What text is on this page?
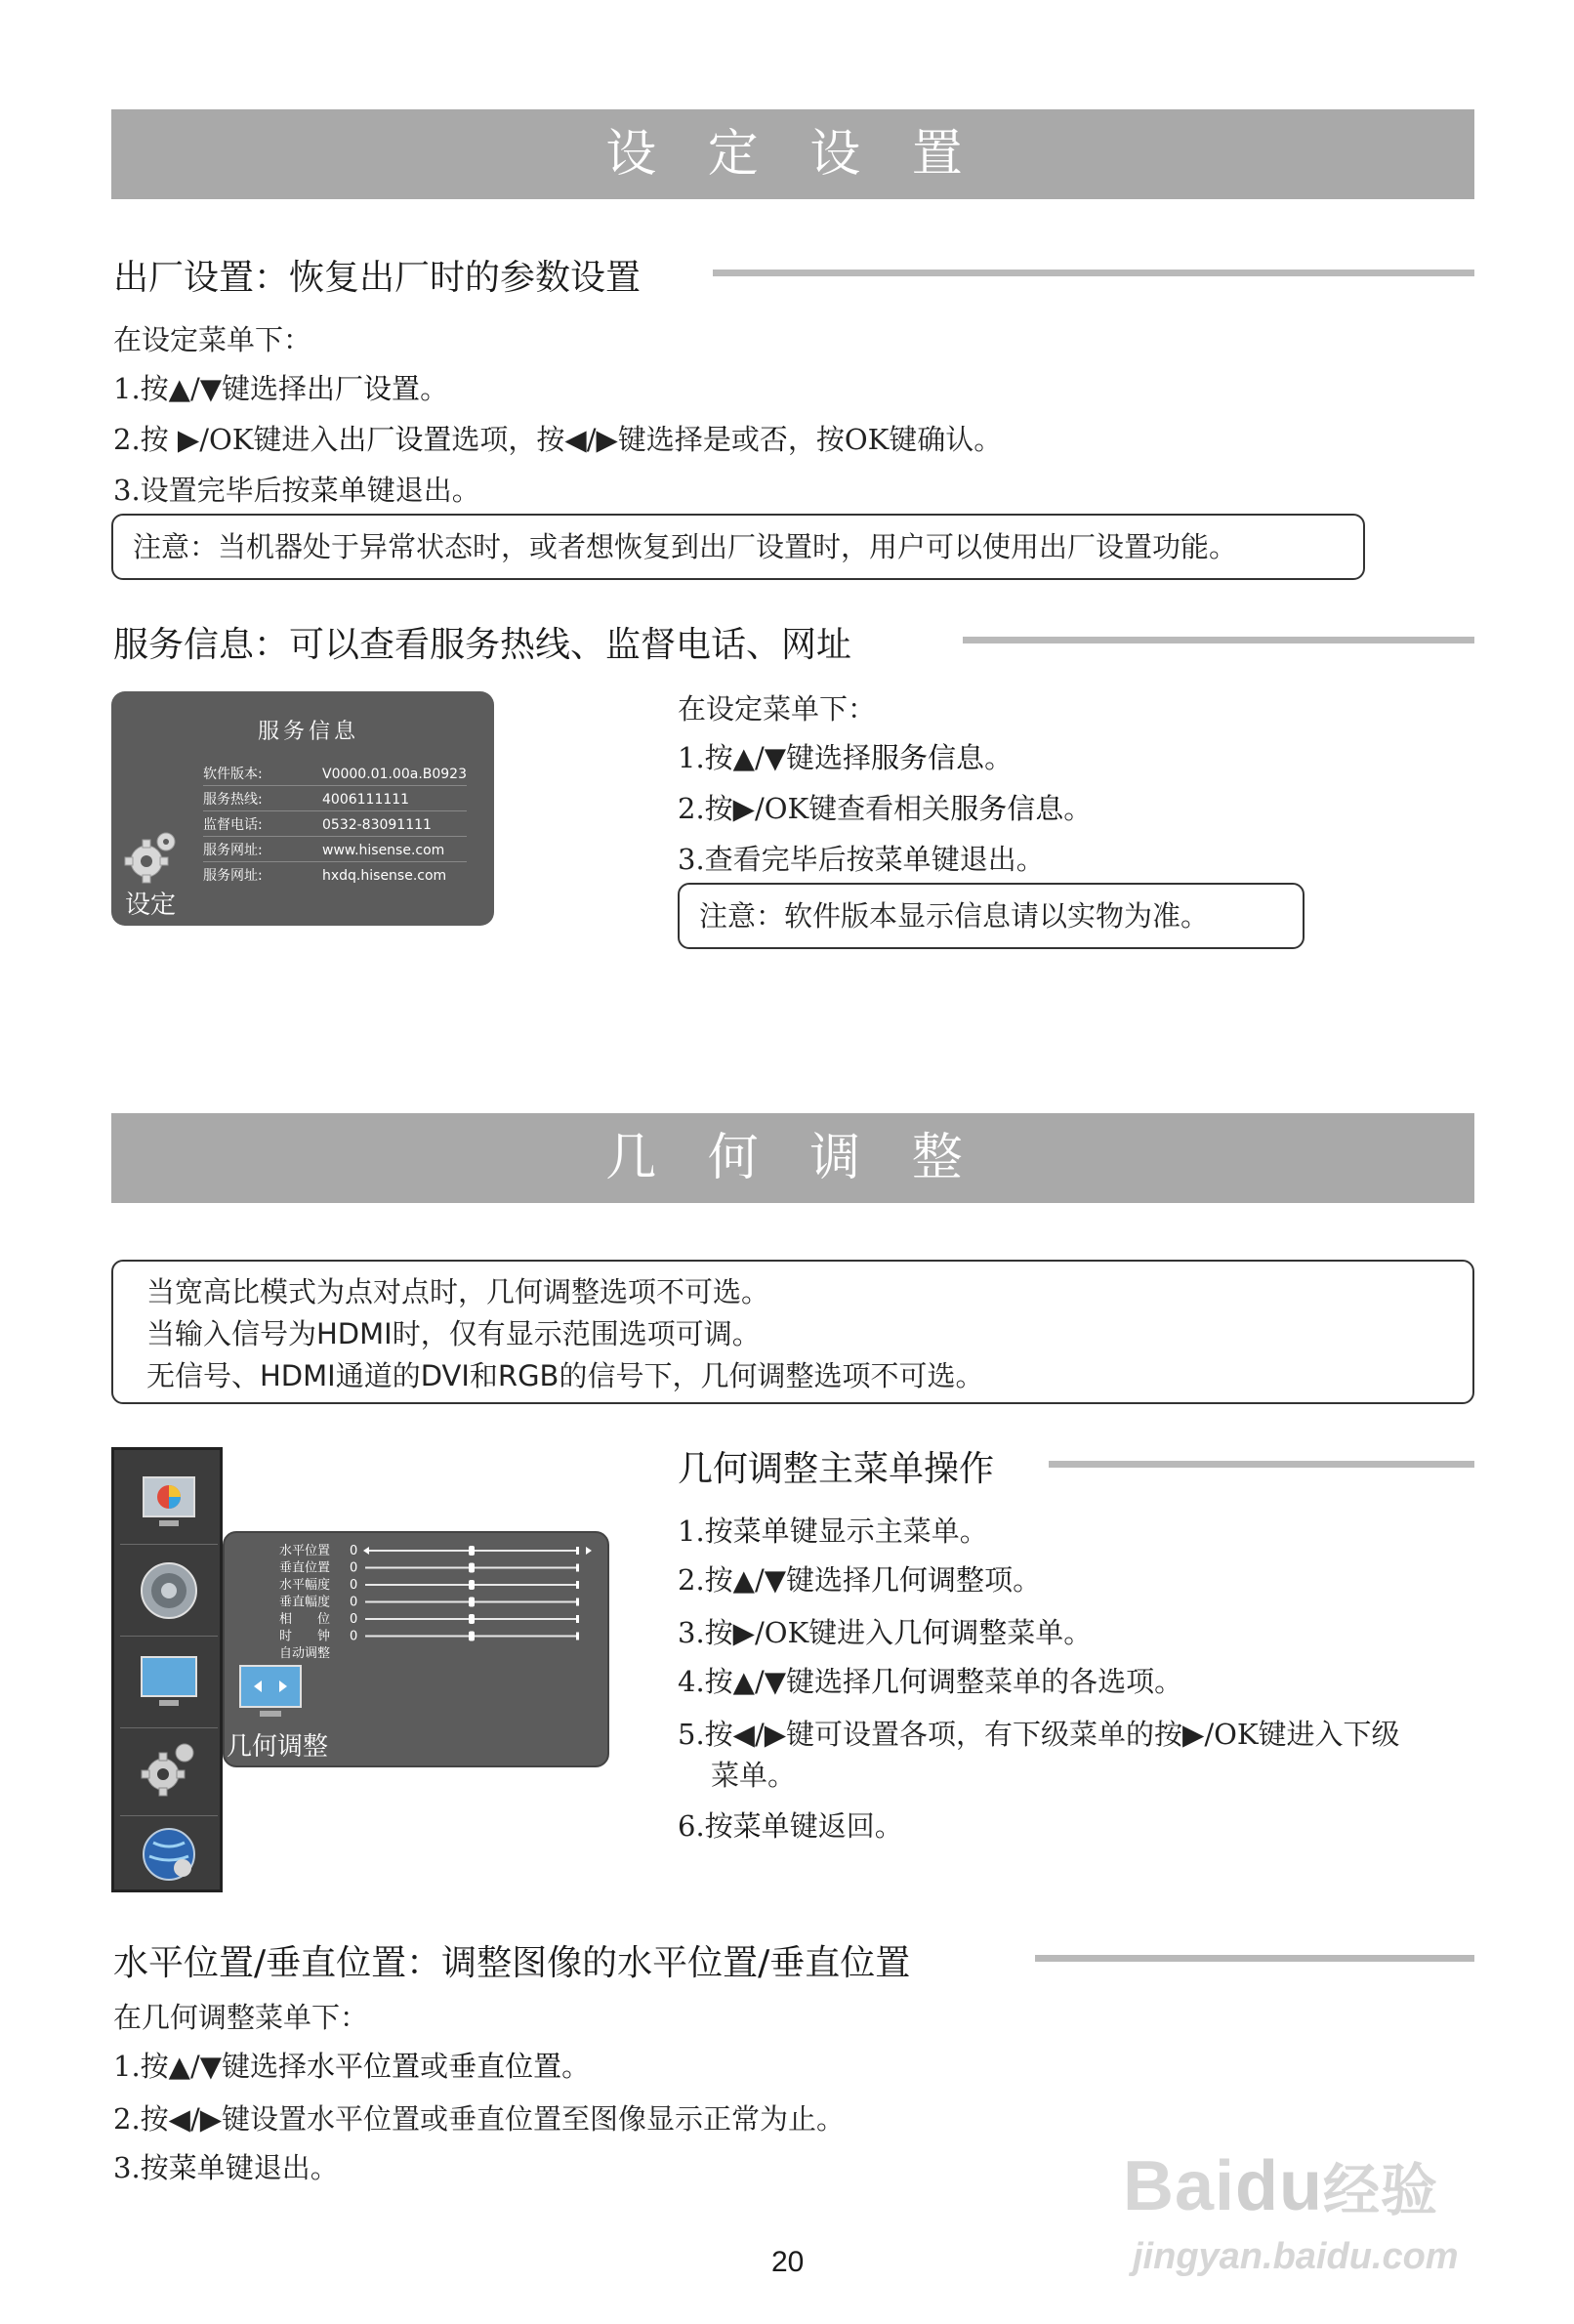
设 定 设 置
出厂设置：恢复出厂时的参数设置
在设定菜单下：
1.按▲/▼键选择出厂设置。
2.按 ▶/OK键进入出厂设置选项，按◀/▶键选择是或否，按OK键确认。
3.设置完毕后按菜单键退出。
注意：当机器处于异常状态时，或者想恢复到出厂设置时，用户可以使用出厂设置功能。
服务信息：可以查看服务热线、监督电话、网址
服务信息
软件版本:	V0000.01.00a.B0923
服务热线:	4006111111
监督电话:	0532-83091111
服务网址:	www.hisense.com
服务网址:	hxdq.hisense.com
设定
在设定菜单下：
1.按▲/▼键选择服务信息。
2.按▶/OK键查看相关服务信息。
3.查看完毕后按菜单键退出。
注意：软件版本显示信息请以实物为准。
几 何 调 整
当宽高比模式为点对点时，几何调整选项不可选。
当输入信号为HDMI时，仅有显示范围选项可调。
无信号、HDMI通道的DVI和RGB的信号下，几何调整选项不可选。
水平位置 0
垂直位置 0
水平幅度 0
垂直幅度 0
相　　位 0
时　　钟 0
自动调整
几何调整
几何调整主菜单操作
1.按菜单键显示主菜单。
2.按▲/▼键选择几何调整项。
3.按▶/OK键进入几何调整菜单。
4.按▲/▼键选择几何调整菜单的各选项。
5.按◀/▶键可设置各项，有下级菜单的按▶/OK键进入下级
菜单。
6.按菜单键返回。
水平位置/垂直位置：调整图像的水平位置/垂直位置
在几何调整菜单下：
1.按▲/▼键选择水平位置或垂直位置。
2.按◀/▶键设置水平位置或垂直位置至图像显示正常为止。
3.按菜单键退出。
20
Baidu经验
jingyan.baidu.com
